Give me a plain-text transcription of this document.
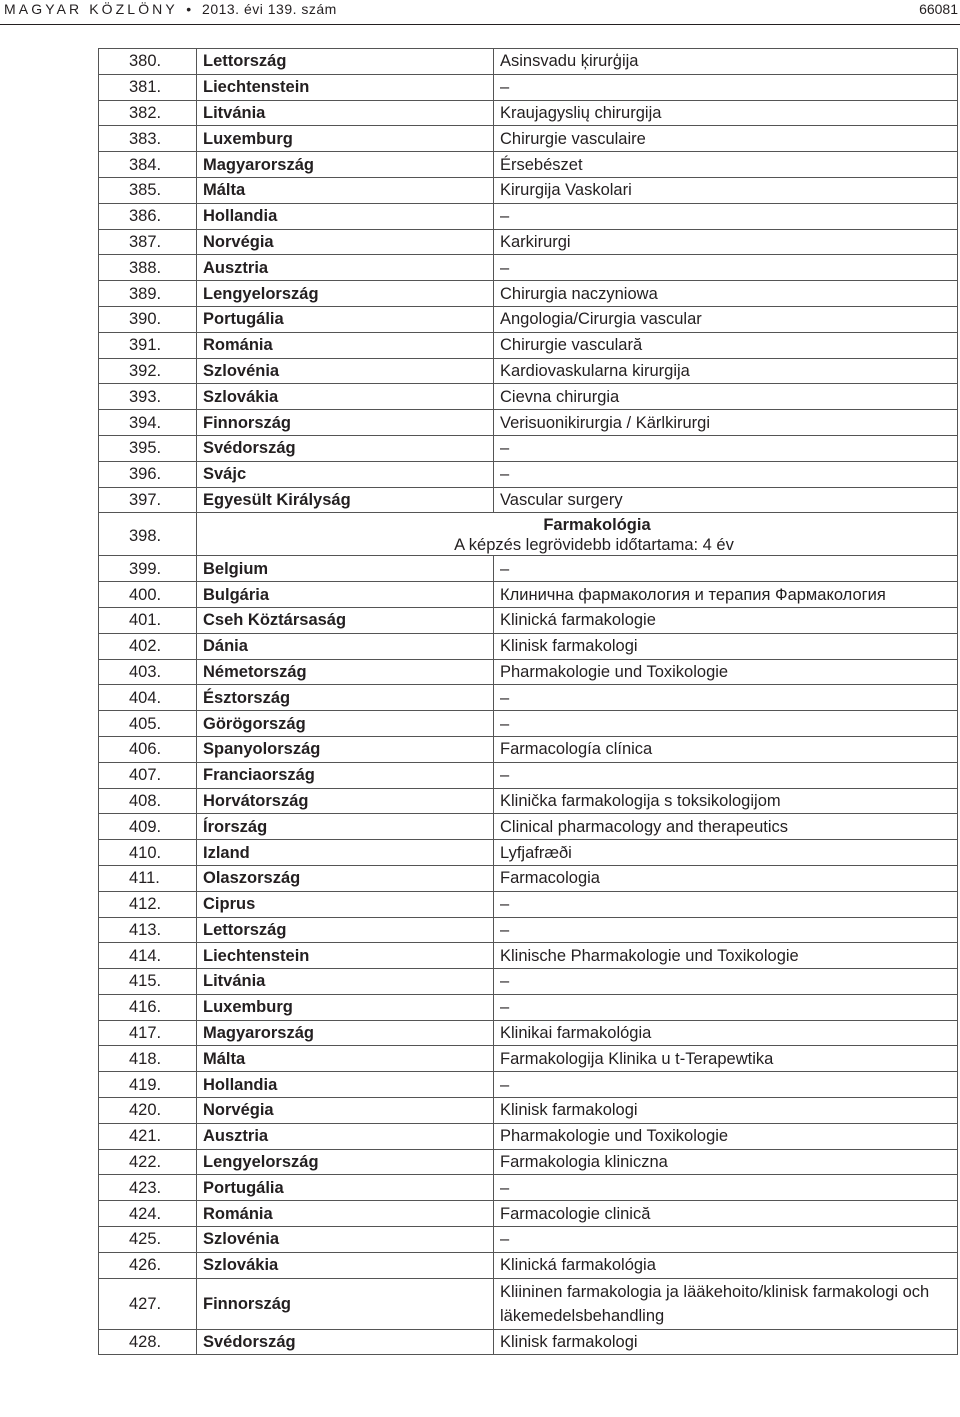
MAGYAR KÖZLÖNY • 2013. évi 139. szám	66081
380.	Lettország	Asinsvadu ķirurģija
381.	Liechtenstein	–
382.	Litvánia	Kraujagyslių chirurgija
383.	Luxemburg	Chirurgie vasculaire
384.	Magyarország	Érsebészet
385.	Málta	Kirurgija Vaskolari
386.	Hollandia	–
387.	Norvégia	Karkirurgi
388.	Ausztria	–
389.	Lengyelország	Chirurgia naczyniowa
390.	Portugália	Angologia/Cirurgia vascular
391.	Románia	Chirurgie vasculară
392.	Szlovénia	Kardiovaskularna kirurgija
393.	Szlovákia	Cievna chirurgia
394.	Finnország	Verisuonikirurgia / Kärlkirurgi
395.	Svédország	–
396.	Svájc	–
397.	Egyesült Királyság	Vascular surgery
398.	Farmakológia
A képzés legrövidebb időtartama: 4 év	

399.	Belgium	–
400.	Bulgária	Клинична фармакология и терапия Фармакология
401.	Cseh Köztársaság	Klinická farmakologie
402.	Dánia	Klinisk farmakologi
403.	Németország	Pharmakologie und Toxikologie
404.	Észtország	–
405.	Görögország	–
406.	Spanyolország	Farmacología clínica
407.	Franciaország	–
408.	Horvátország	Klinička farmakologija s toksikologijom
409.	Írország	Clinical pharmacology and therapeutics
410.	Izland	Lyfjafræði
411.	Olaszország	Farmacologia
412.	Ciprus	–
413.	Lettország	–
414.	Liechtenstein	Klinische Pharmakologie und Toxikologie
415.	Litvánia	–
416.	Luxemburg	–
417.	Magyarország	Klinikai farmakológia
418.	Málta	Farmakologija Klinika u t-Terapewtika
419.	Hollandia	–
420.	Norvégia	Klinisk farmakologi
421.	Ausztria	Pharmakologie und Toxikologie
422.	Lengyelország	Farmakologia kliniczna
423.	Portugália	–
424.	Románia	Farmacologie clinică
425.	Szlovénia	–
426.	Szlovákia	Klinická farmakológia
427.	Finnország	Kliininen farmakologia ja lääkehoito/klinisk farmakologi och läkemedelsbehandling
428.	Svédország	Klinisk farmakologi
